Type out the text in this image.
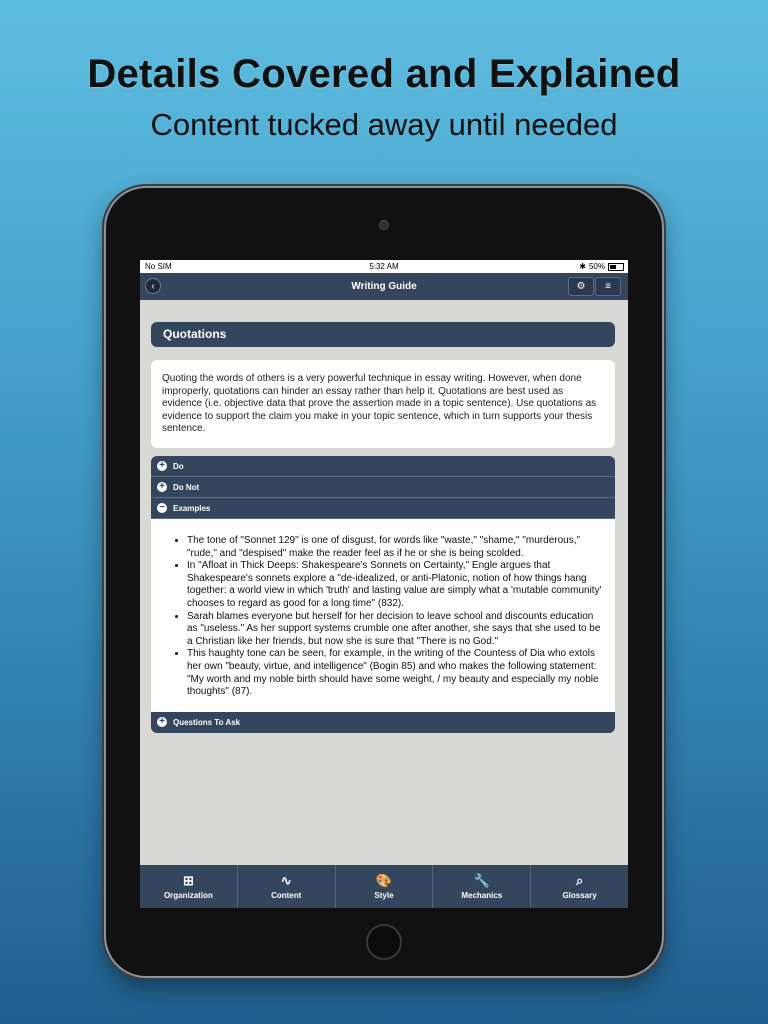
Details Covered and Explained
Content tucked away until needed
No SIM	5:32 AM	✱ 50%
‹	Writing Guide	⚙ ≡
Quotations
Quoting the words of others is a very powerful technique in essay writing. However, when done improperly, quotations can hinder an essay rather than help it. Quotations are best used as evidence (i.e. objective data that prove the assertion made in a topic sentence). Use quotations as evidence to support the claim you make in your topic sentence, which in turn supports your thesis sentence.
+ Do
+ Do Not
− Examples
• The tone of "Sonnet 129" is one of disgust, for words like "waste," "shame," "murderous," "rude," and "despised" make the reader feel as if he or she is being scolded.
• In "Afloat in Thick Deeps: Shakespeare's Sonnets on Certainty," Engle argues that Shakespeare's sonnets explore a "de-idealized, or anti-Platonic, notion of how things hang together: a world view in which 'truth' and lasting value are simply what a 'mutable community' chooses to regard as good for a long time" (832).
• Sarah blames everyone but herself for her decision to leave school and discounts education as "useless." As her support systems crumble one after another, she says that she used to be a Christian like her friends, but now she is sure that "There is no God."
• This haughty tone can be seen, for example, in the writing of the Countess of Dia who extols her own "beauty, virtue, and intelligence" (Bogin 85) and who makes the following statement: "My worth and my noble birth should have some weight, / my beauty and especially my noble thoughts" (87).
+ Questions To Ask
⊞
Organization
∿
Content
🎨
Style
🔧
Mechanics
⌕
Glossary
